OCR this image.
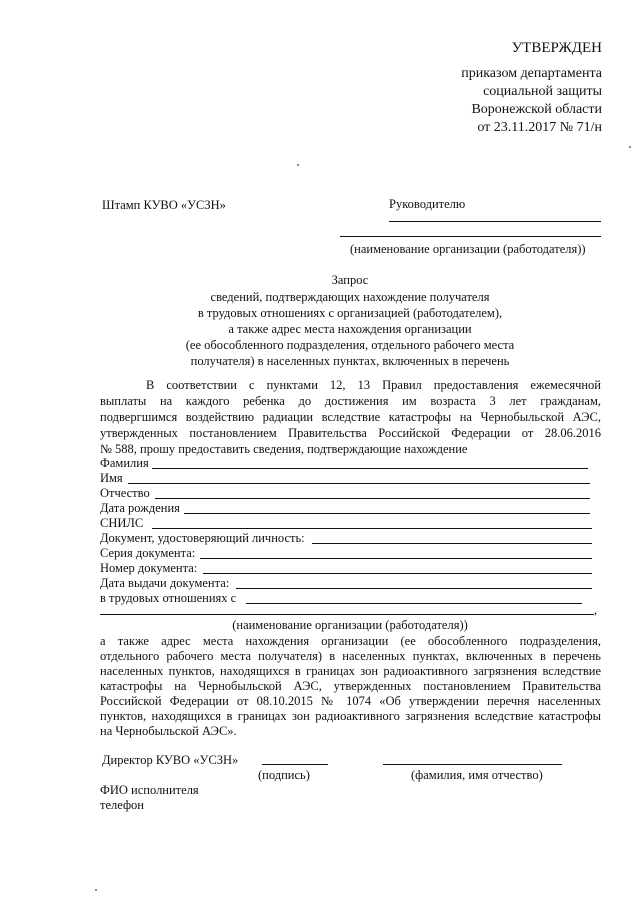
УТВЕРЖДЕН
приказом департамента
социальной защиты
Воронежской области
от 23.11.2017 № 71/н
Штамп КУВО «УСЗН»	Руководителю
(наименование организации (работодателя))
Запрос
сведений, подтверждающих нахождение получателя
в трудовых отношениях с организацией (работодателем),
а также адрес места нахождения организации
(ее обособленного подразделения, отдельного рабочего места
получателя) в населенных пунктах, включенных в перечень
В соответствии с пунктами 12, 13 Правил предоставления ежемесячной
выплаты на каждого ребенка до достижения им возраста 3 лет гражданам,
подвергшимся воздействию радиации вследствие катастрофы на Чернобыльской АЭС,
утвержденных постановлением Правительства Российской Федерации от 28.06.2016
№ 588, прошу предоставить сведения, подтверждающие нахождение
Фамилия
Имя
Отчество
Дата рождения
СНИЛС
Документ, удостоверяющий личность:
Серия документа:
Номер документа:
Дата выдачи документа:
в трудовых отношениях с
,
(наименование организации (работодателя))
а также адрес места нахождения организации (ее обособленного подразделения,
отдельного рабочего места получателя) в населенных пунктах, включенных в перечень
населенных пунктов, находящихся в границах зон радиоактивного загрязнения вследствие
катастрофы на Чернобыльской АЭС, утвержденных постановлением Правительства
Российской Федерации от 08.10.2015 № 1074 «Об утверждении перечня населенных
пунктов, находящихся в границах зон радиоактивного загрязнения вследствие катастрофы
на Чернобыльской АЭС».
Директор КУВО «УСЗН»
(подпись)	(фамилия, имя отчество)
ФИО исполнителя
телефон
